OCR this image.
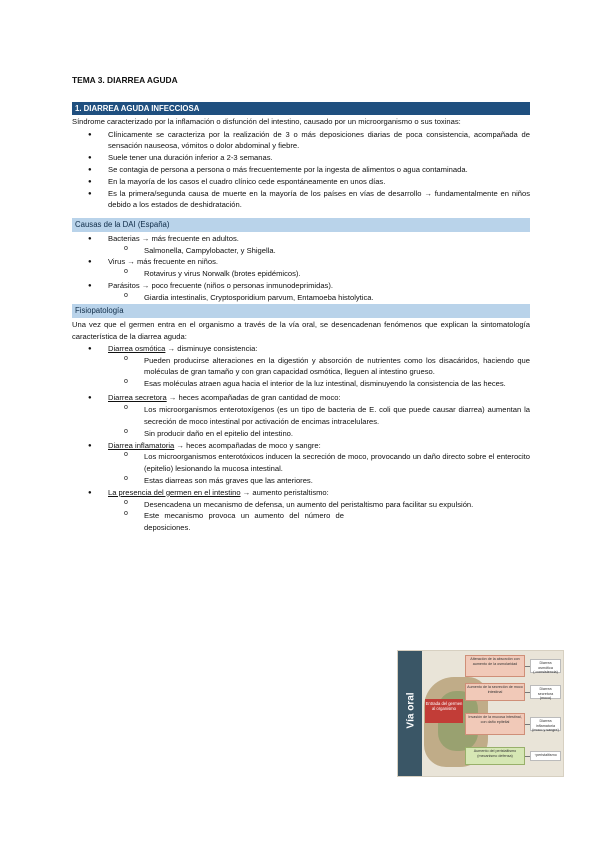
TEMA 3. DIARREA AGUDA
1. DIARREA AGUDA INFECCIOSA
Síndrome caracterizado por la inflamación o disfunción del intestino, causado por un microorganismo o sus toxinas:
● Clínicamente se caracteriza por la realización de 3 o más deposiciones diarias de poca consistencia, acompañada de sensación nauseosa, vómitos o dolor abdominal y fiebre.
● Suele tener una duración inferior a 2-3 semanas.
● Se contagia de persona a persona o más frecuentemente por la ingesta de alimentos o agua contaminada.
● En la mayoría de los casos el cuadro clínico cede espontáneamente en unos días.
● Es la primera/segunda causa de muerte en la mayoría de los países en vías de desarrollo → fundamentalmente en niños debido a los estados de deshidratación.
Causas de la DAI (España)
● Bacterias → más frecuente en adultos.
o Salmonella, Campylobacter, y Shigella.
● Virus → más frecuente en niños.
o Rotavirus y virus Norwalk (brotes epidémicos).
● Parásitos → poco frecuente (niños o personas inmunodeprimidas).
o Giardia intestinalis, Cryptosporidium parvum, Entamoeba histolytica.
Fisiopatología
Una vez que el germen entra en el organismo a través de la vía oral, se desencadenan fenómenos que explican la sintomatología característica de la diarrea aguda:
● Diarrea osmótica → disminuye consistencia:
o Pueden producirse alteraciones en la digestión y absorción de nutrientes como los disacáridos, haciendo que moléculas de gran tamaño y con gran capacidad osmótica, lleguen al intestino grueso.
o Esas moléculas atraen agua hacia el interior de la luz intestinal, disminuyendo la consistencia de las heces.
● Diarrea secretora → heces acompañadas de gran cantidad de moco:
o Los microorganismos enterotoxígenos (es un tipo de bacteria de E. coli que puede causar diarrea) aumentan la secreción de moco intestinal por activación de encimas intracelulares.
o Sin producir daño en el epitelio del intestino.
● Diarrea inflamatoria → heces acompañadas de moco y sangre:
o Los microorganismos enterotóxicos inducen la secreción de moco, provocando un daño directo sobre el enterocito (epitelio) lesionando la mucosa intestinal.
o Estas diarreas son más graves que las anteriores.
● La presencia del germen en el intestino → aumento peristaltismo:
o Desencadena un mecanismo de defensa, un aumento del peristaltismo para facilitar su expulsión.
o Este mecanismo provoca un aumento del número de deposiciones.
Vía oral	Entrada del germen al organismo
Alteración de la absorción con aumento de la osmolaridad
Aumento de la secreción de moco intestinal
Invasión de la mucosa intestinal, con daño epitelial
Aumento del peristaltismo (mecanismo defensa)
Diarrea osmótica (↓consistencia)
Diarrea secretora (moco)
Diarrea inflamatoria (moco y sangre)
↑peristaltismo
